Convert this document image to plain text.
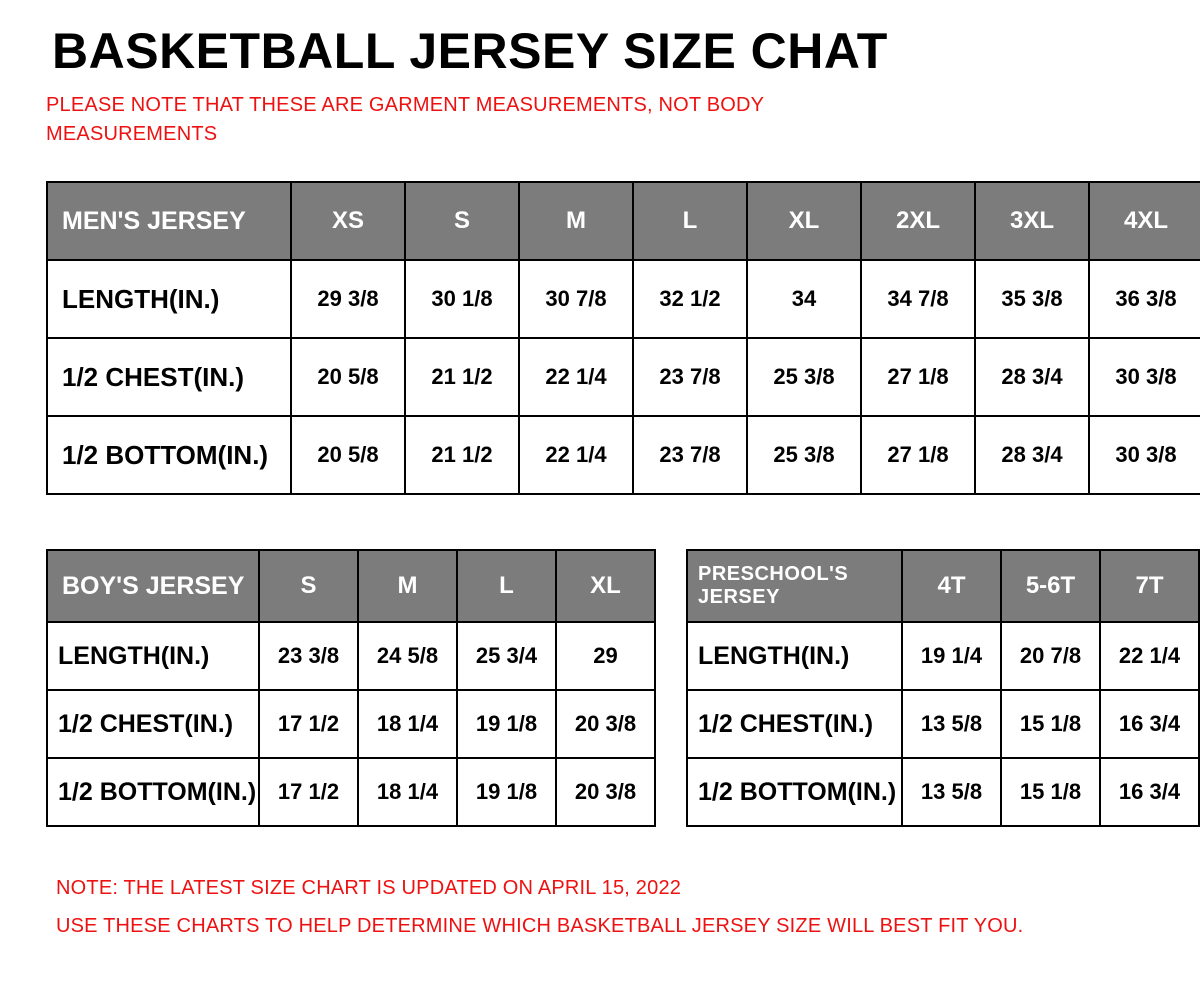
BASKETBALL JERSEY SIZE CHAT
PLEASE NOTE THAT THESE ARE GARMENT MEASUREMENTS, NOT BODY MEASUREMENTS
MEN'S JERSEY	XS	S	M	L	XL	2XL	3XL	4XL
LENGTH(IN.)	29 3/8	30 1/8	30 7/8	32 1/2	34	34 7/8	35 3/8	36 3/8
1/2 CHEST(IN.)	20 5/8	21 1/2	22 1/4	23 7/8	25 3/8	27 1/8	28 3/4	30 3/8
1/2 BOTTOM(IN.)	20 5/8	21 1/2	22 1/4	23 7/8	25 3/8	27 1/8	28 3/4	30 3/8
BOY'S JERSEY	S	M	L	XL
LENGTH(IN.)	23 3/8	24 5/8	25 3/4	29
1/2 CHEST(IN.)	17 1/2	18 1/4	19 1/8	20 3/8
1/2 BOTTOM(IN.)	17 1/2	18 1/4	19 1/8	20 3/8
PRESCHOOL'S JERSEY	4T	5-6T	7T
LENGTH(IN.)	19 1/4	20 7/8	22 1/4
1/2 CHEST(IN.)	13 5/8	15 1/8	16 3/4
1/2 BOTTOM(IN.)	13 5/8	15 1/8	16 3/4
NOTE: THE LATEST SIZE CHART IS UPDATED ON APRIL 15, 2022
USE THESE CHARTS TO HELP DETERMINE WHICH BASKETBALL JERSEY SIZE WILL BEST FIT YOU.
